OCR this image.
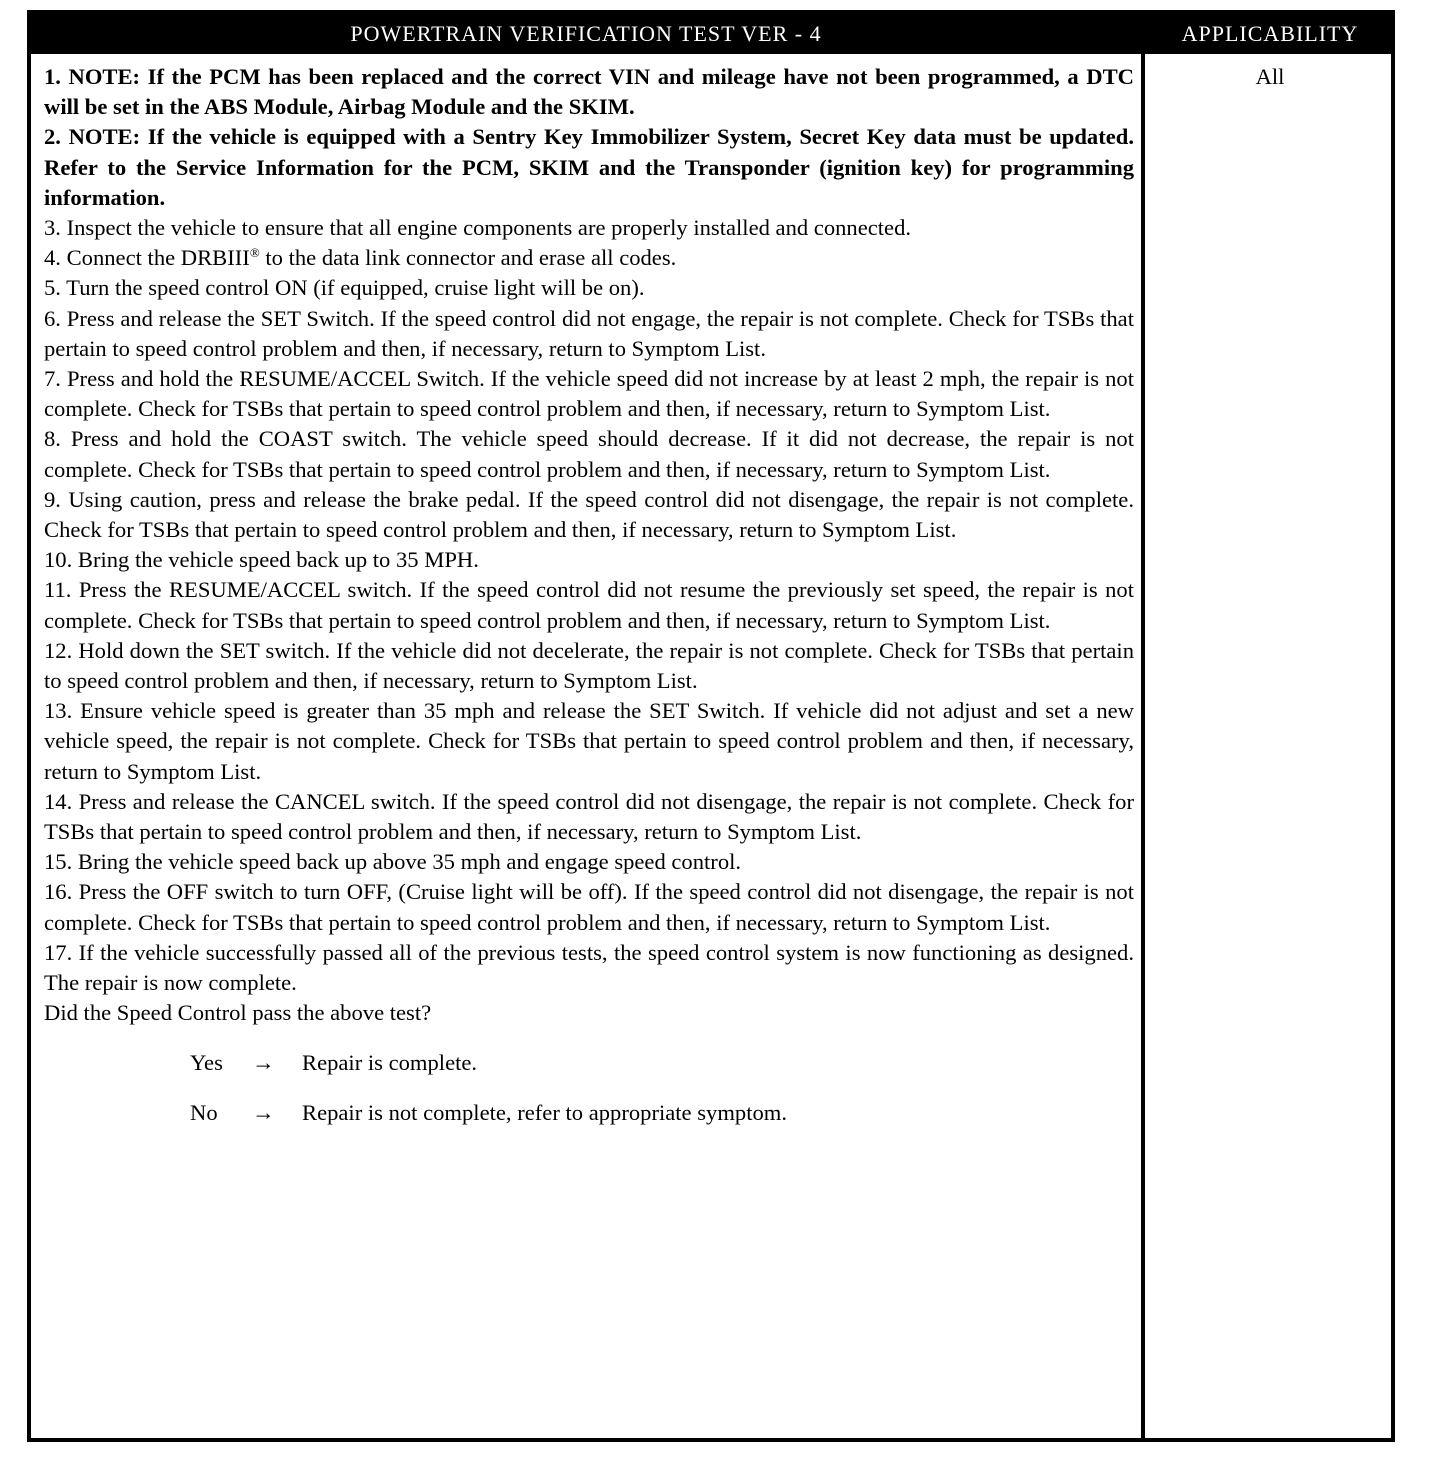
POWERTRAIN VERIFICATION TEST VER - 4	APPLICABILITY

1. NOTE: If the PCM has been replaced and the correct VIN and mileage have not been programmed, a DTC will be set in the ABS Module, Airbag Module and the SKIM.

2. NOTE: If the vehicle is equipped with a Sentry Key Immobilizer System, Secret Key data must be updated. Refer to the Service Information for the PCM, SKIM and the Transponder (ignition key) for programming information.

3. Inspect the vehicle to ensure that all engine components are properly installed and connected.

4. Connect the DRBIII® to the data link connector and erase all codes.

5. Turn the speed control ON (if equipped, cruise light will be on).

6. Press and release the SET Switch. If the speed control did not engage, the repair is not complete. Check for TSBs that pertain to speed control problem and then, if necessary, return to Symptom List.

7. Press and hold the RESUME/ACCEL Switch. If the vehicle speed did not increase by at least 2 mph, the repair is not complete. Check for TSBs that pertain to speed control problem and then, if necessary, return to Symptom List.

8. Press and hold the COAST switch. The vehicle speed should decrease. If it did not decrease, the repair is not complete. Check for TSBs that pertain to speed control problem and then, if necessary, return to Symptom List.

9. Using caution, press and release the brake pedal. If the speed control did not disengage, the repair is not complete. Check for TSBs that pertain to speed control problem and then, if necessary, return to Symptom List.

10. Bring the vehicle speed back up to 35 MPH.

11. Press the RESUME/ACCEL switch. If the speed control did not resume the previously set speed, the repair is not complete. Check for TSBs that pertain to speed control problem and then, if necessary, return to Symptom List.

12. Hold down the SET switch. If the vehicle did not decelerate, the repair is not complete. Check for TSBs that pertain to speed control problem and then, if necessary, return to Symptom List.

13. Ensure vehicle speed is greater than 35 mph and release the SET Switch. If vehicle did not adjust and set a new vehicle speed, the repair is not complete. Check for TSBs that pertain to speed control problem and then, if necessary, return to Symptom List.

14. Press and release the CANCEL switch. If the speed control did not disengage, the repair is not complete. Check for TSBs that pertain to speed control problem and then, if necessary, return to Symptom List.

15. Bring the vehicle speed back up above 35 mph and engage speed control.

16. Press the OFF switch to turn OFF, (Cruise light will be off). If the speed control did not disengage, the repair is not complete. Check for TSBs that pertain to speed control problem and then, if necessary, return to Symptom List.

17. If the vehicle successfully passed all of the previous tests, the speed control system is now functioning as designed. The repair is now complete.

Did the Speed Control pass the above test?

Yes	→	Repair is complete.
No	→	Repair is not complete, refer to appropriate symptom.
All
